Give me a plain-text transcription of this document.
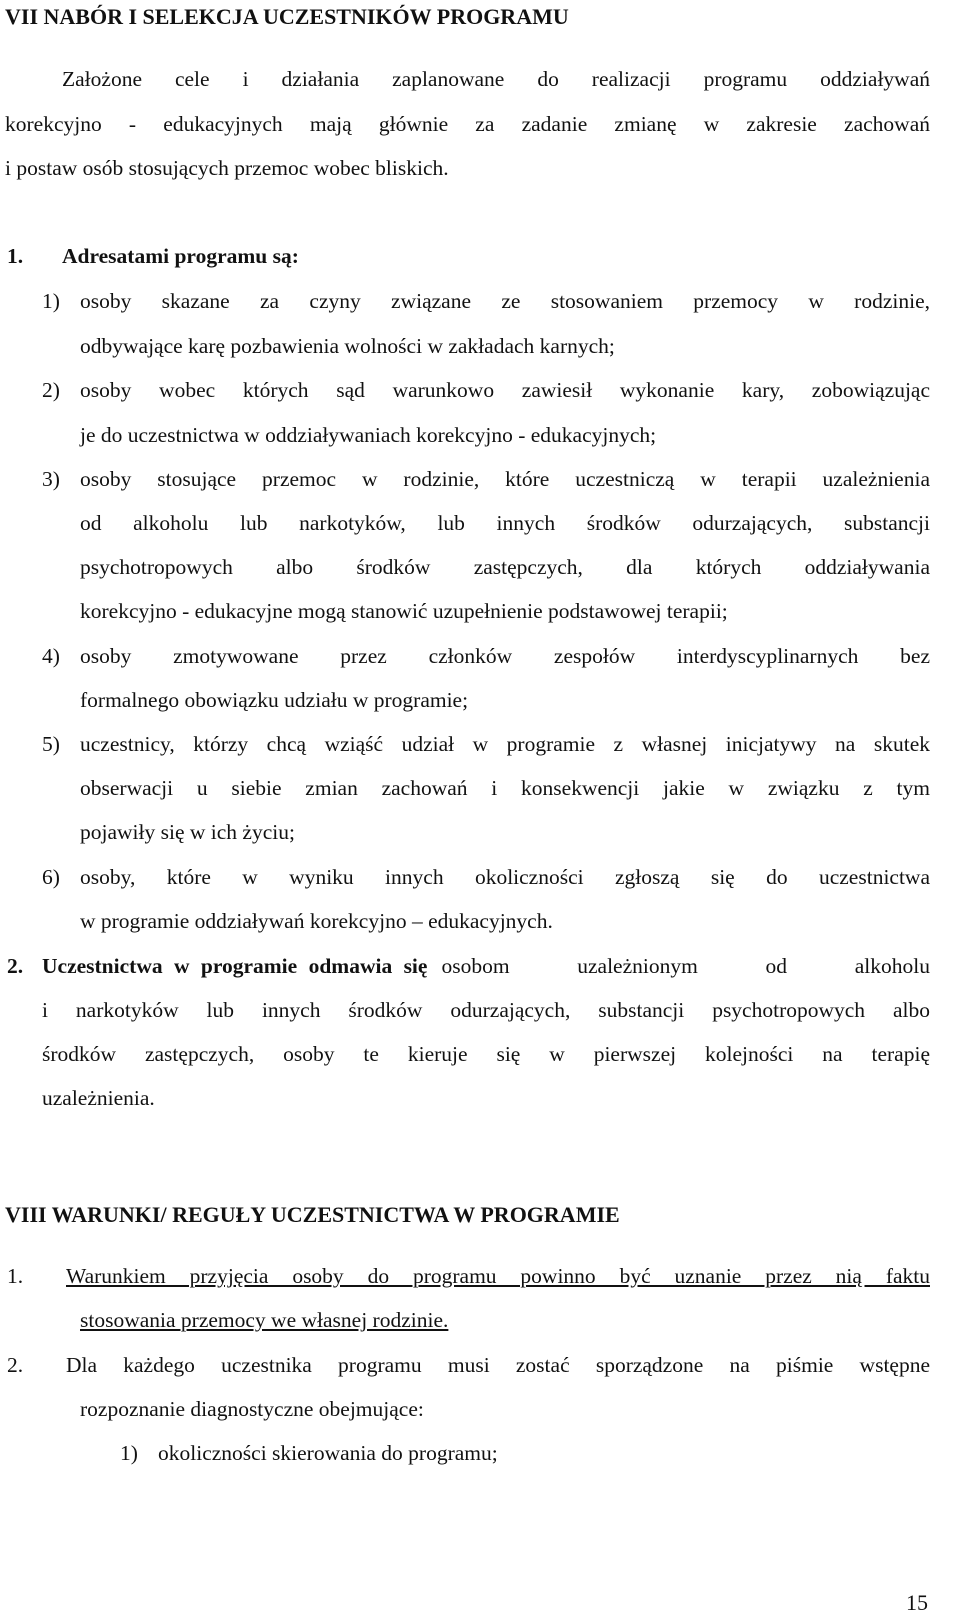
VII NABÓR I SELEKCJA UCZESTNIKÓW PROGRAMU
Założone cele i działania zaplanowane do realizacji programu oddziaływań
korekcyjno - edukacyjnych mają głównie za zadanie zmianę w zakresie zachowań
i postaw osób stosujących przemoc wobec bliskich.
1. Adresatami programu są:
1) osoby skazane za czyny związane ze stosowaniem przemocy w rodzinie,
odbywające karę pozbawienia wolności w zakładach karnych;
2) osoby wobec których sąd warunkowo zawiesił wykonanie kary, zobowiązując
je do uczestnictwa w oddziaływaniach korekcyjno - edukacyjnych;
3) osoby stosujące przemoc w rodzinie, które uczestniczą w terapii uzależnienia
od alkoholu lub narkotyków, lub innych środków odurzających, substancji
psychotropowych albo środków zastępczych, dla których oddziaływania
korekcyjno - edukacyjne mogą stanowić uzupełnienie podstawowej terapii;
4) osoby zmotywowane przez członków zespołów interdyscyplinarnych bez
formalnego obowiązku udziału w programie;
5) uczestnicy, którzy chcą wziąść udział w programie z własnej inicjatywy na skutek
obserwacji u siebie zmian zachowań i konsekwencji jakie w związku z tym
pojawiły się w ich życiu;
6) osoby, które w wyniku innych okoliczności zgłoszą się do uczestnictwa
w programie oddziaływań korekcyjno – edukacyjnych.
2. Uczestnictwa w programie odmawia się osobom uzależnionym od alkoholu
i narkotyków lub innych środków odurzających, substancji psychotropowych albo
środków zastępczych, osoby te kieruje się w pierwszej kolejności na terapię
uzależnienia.
VIII WARUNKI/ REGUŁY UCZESTNICTWA W PROGRAMIE
1. Warunkiem przyjęcia osoby do programu powinno być uznanie przez nią faktu
stosowania przemocy we własnej rodzinie.
2. Dla każdego uczestnika programu musi zostać sporządzone na piśmie wstępne
rozpoznanie diagnostyczne obejmujące:
1) okoliczności skierowania do programu;
15
